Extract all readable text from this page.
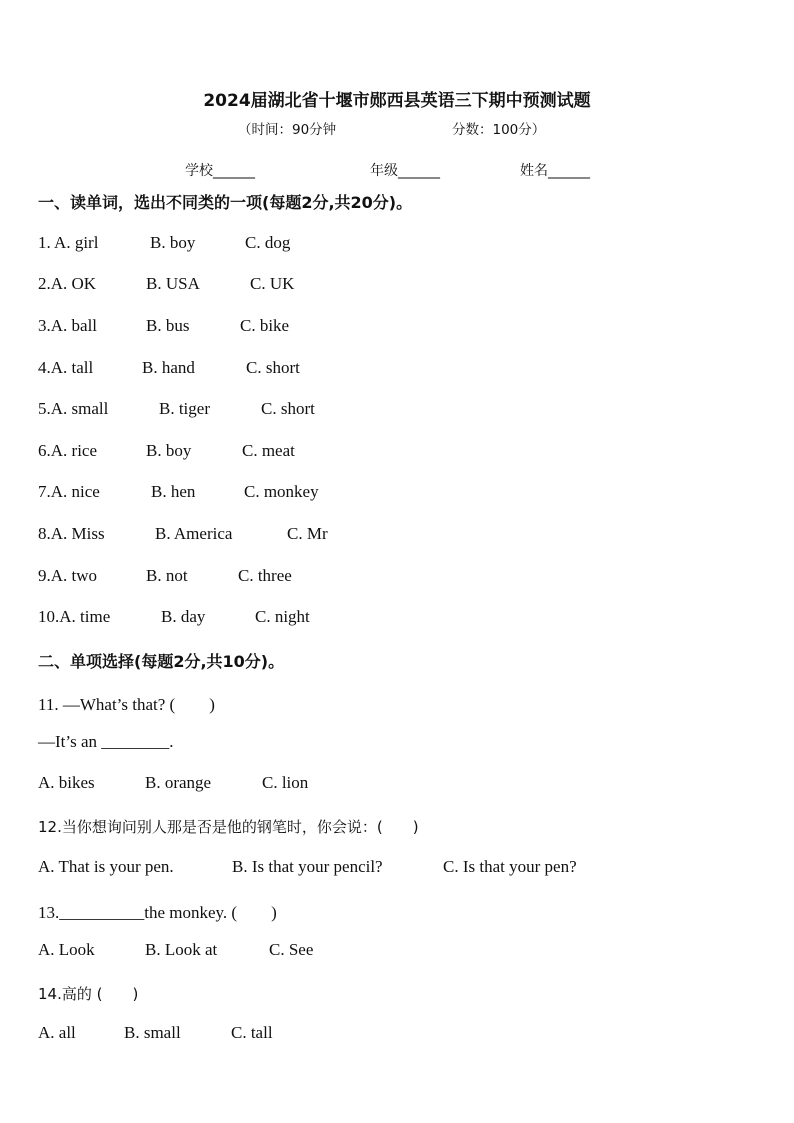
2024届湖北省十堰市郧西县英语三下期中预测试题
（时间：90分钟	分数：100分）
学校______	年级______	姓名______
一、读单词，选出不同类的一项(每题2分,共20分)。
1. A. girl	B. boy	C. dog
2.A. OK	B. USA	C. UK
3.A. ball	B. bus	C. bike
4.A. tall	B. hand	C. short
5.A. small	B. tiger	C. short
6.A. rice	B. boy	C. meat
7.A. nice	B. hen	C. monkey
8.A. Miss	B. America	C. Mr
9.A. two	B. not	C. three
10.A. time	B. day	C. night
二、单项选择(每题2分,共10分)。
11. —What’s that? (　　)
—It’s an ________.
A. bikes	B. orange	C. lion
12.当你想询问别人那是否是他的钢笔时，你会说：(　　)
A. That is your pen.	B. Is that your pencil?	C. Is that your pen?
13.__________the monkey. (　　)
A. Look	B. Look at	C. See
14.高的 (　　)
A. all	B. small	C. tall
